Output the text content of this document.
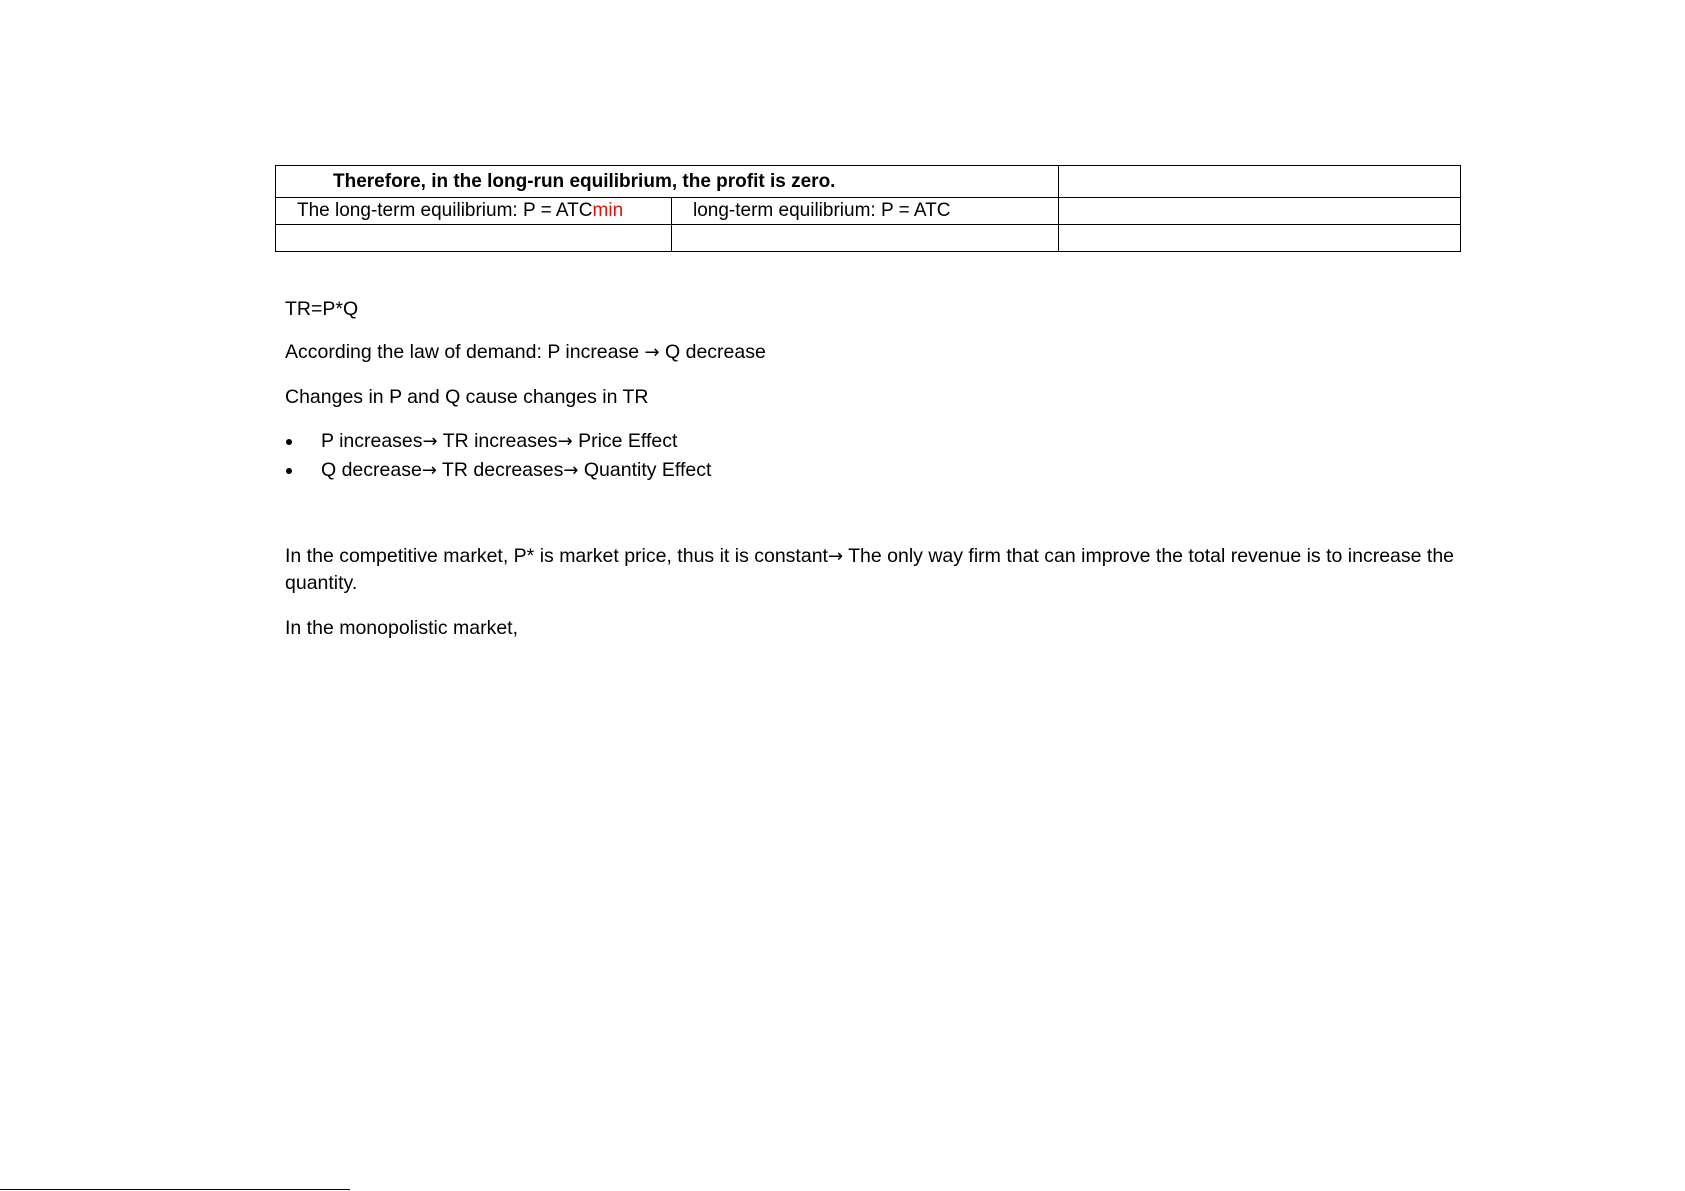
Therefore, in the long-run equilibrium, the profit is zero.		
The long-term equilibrium: P = ATCmin	long-term equilibrium: P = ATC	

TR=P*Q
According the law of demand: P increase → Q decrease
Changes in P and Q cause changes in TR
P increases→ TR increases→ Price Effect
Q decrease→ TR decreases→ Quantity Effect
In the competitive market, P* is market price, thus it is constant→ The only way firm that can improve the total revenue is to increase the quantity.
In the monopolistic market,
